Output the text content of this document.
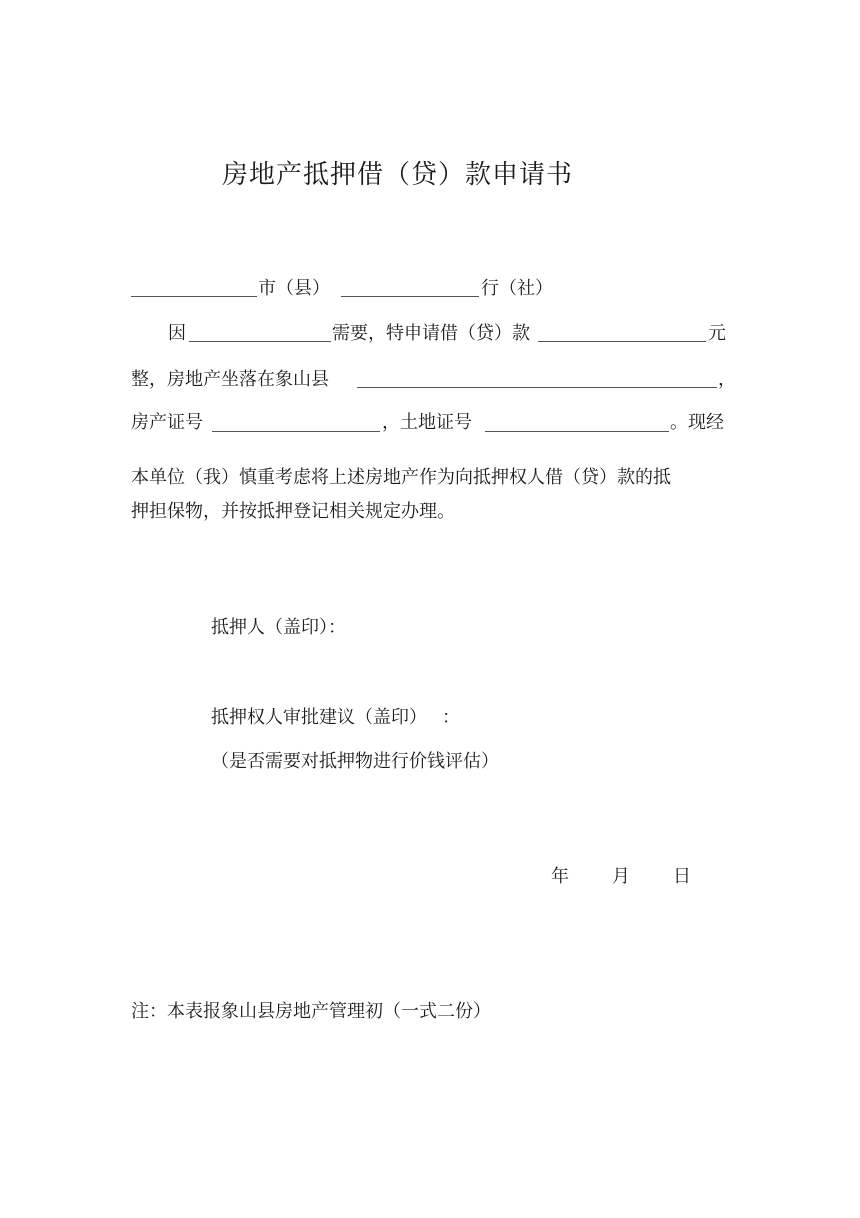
房地产抵押借（贷）款申请书
市（县）	行（社）
因	需要，特申请借（贷）款	元
整，房地产坐落在象山县	，
房产证号	，土地证号	。现经
本单位（我）慎重考虑将上述房地产作为向抵押权人借（贷）款的抵
押担保物，并按抵押登记相关规定办理。
抵押人（盖印）：
抵押权人审批建议（盖印） ：
（是否需要对抵押物进行价钱评估）
年 月 日
注：本表报象山县房地产管理初（一式二份）
